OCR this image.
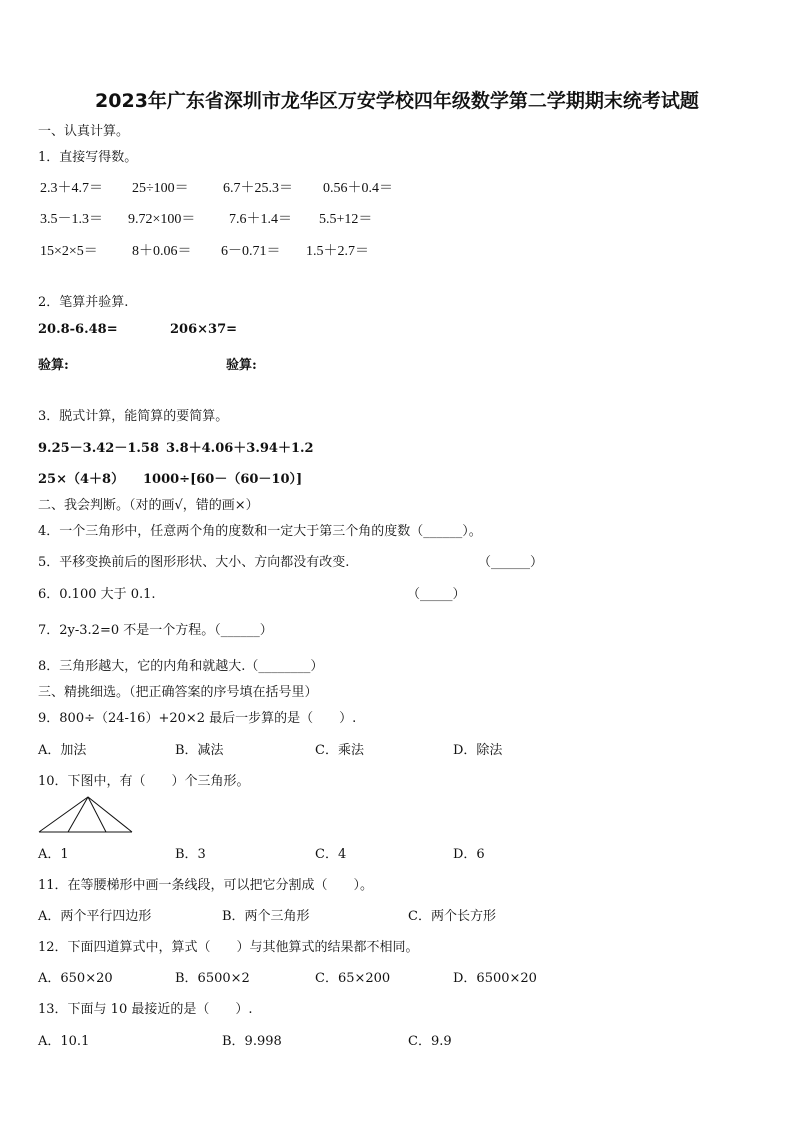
2023年广东省深圳市龙华区万安学校四年级数学第二学期期末统考试题
一、认真计算。
1．直接写得数。
2.3＋4.7＝ 25÷100＝ 6.7＋25.3＝ 0.56＋0.4＝
3.5－1.3＝ 9.72×100＝ 7.6＋1.4＝ 5.5+12＝
15×2×5＝ 8＋0.06＝ 6－0.71＝ 1.5＋2.7＝
2．笔算并验算.
20.8-6.48=	206×37=
验算:	验算:
3．脱式计算，能简算的要简算。
9.25－3.42－1.58 3.8＋4.06＋3.94＋1.2
25×（4＋8） 1000÷[60－（60－10）]
二、我会判断。（对的画√，错的画×）
4．一个三角形中，任意两个角的度数和一定大于第三个角的度数（______）。
5．平移变换前后的图形形状、大小、方向都没有改变.	（______）
6．0.100 大于 0.1.	（_____）
7．2y-3.2=0 不是一个方程。（______）
8．三角形越大，它的内角和就越大.（________）
三、精挑细选。（把正确答案的序号填在括号里）
9．800÷（24-16）+20×2 最后一步算的是（　　）.
A．加法	B．减法	C．乘法	D．除法
10．下图中，有（　　）个三角形。
A．1	B．3	C．4	D．6
11．在等腰梯形中画一条线段，可以把它分割成（　　）。
A．两个平行四边形	B．两个三角形	C．两个长方形
12．下面四道算式中，算式（　　）与其他算式的结果都不相同。
A．650×20	B．6500×2	C．65×200	D．6500×20
13．下面与 10 最接近的是（　　）.
A．10.1	B．9.998	C．9.9
